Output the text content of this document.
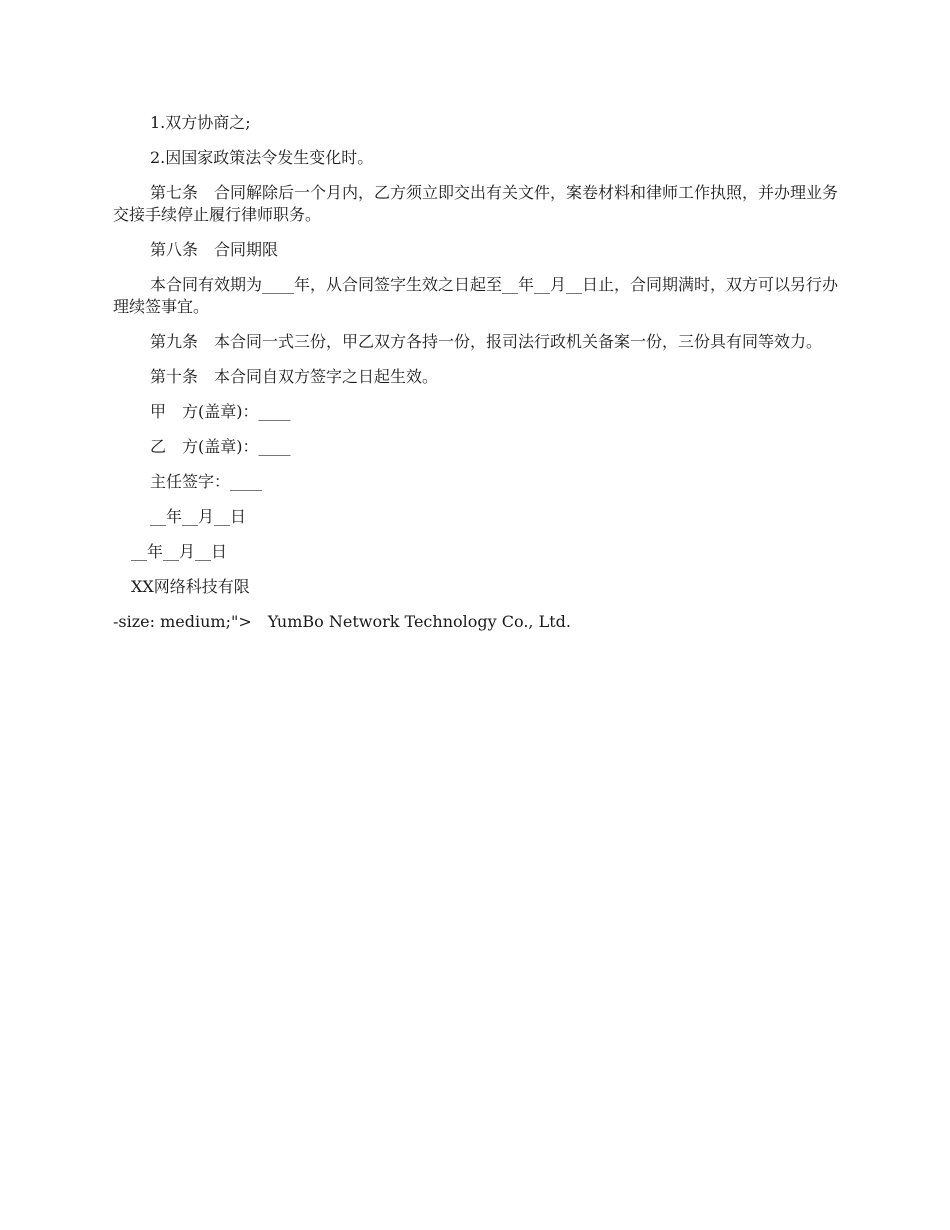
1.双方协商之;

2.因国家政策法令发生变化时。

第七条　合同解除后一个月内，乙方须立即交出有关文件，案卷材料和律师工作执照，并办理业务交接手续停止履行律师职务。

第八条　合同期限

本合同有效期为____年，从合同签字生效之日起至__年__月__日止，合同期满时，双方可以另行办理续签事宜。

第九条　本合同一式三份，甲乙双方各持一份，报司法行政机关备案一份，三份具有同等效力。

第十条　本合同自双方签字之日起生效。

甲　方(盖章)：____

乙　方(盖章)：____

主任签字：____

__年__月__日

__年__月__日

XX网络科技有限

-size: medium;">　YumBo Network Technology Co., Ltd.
